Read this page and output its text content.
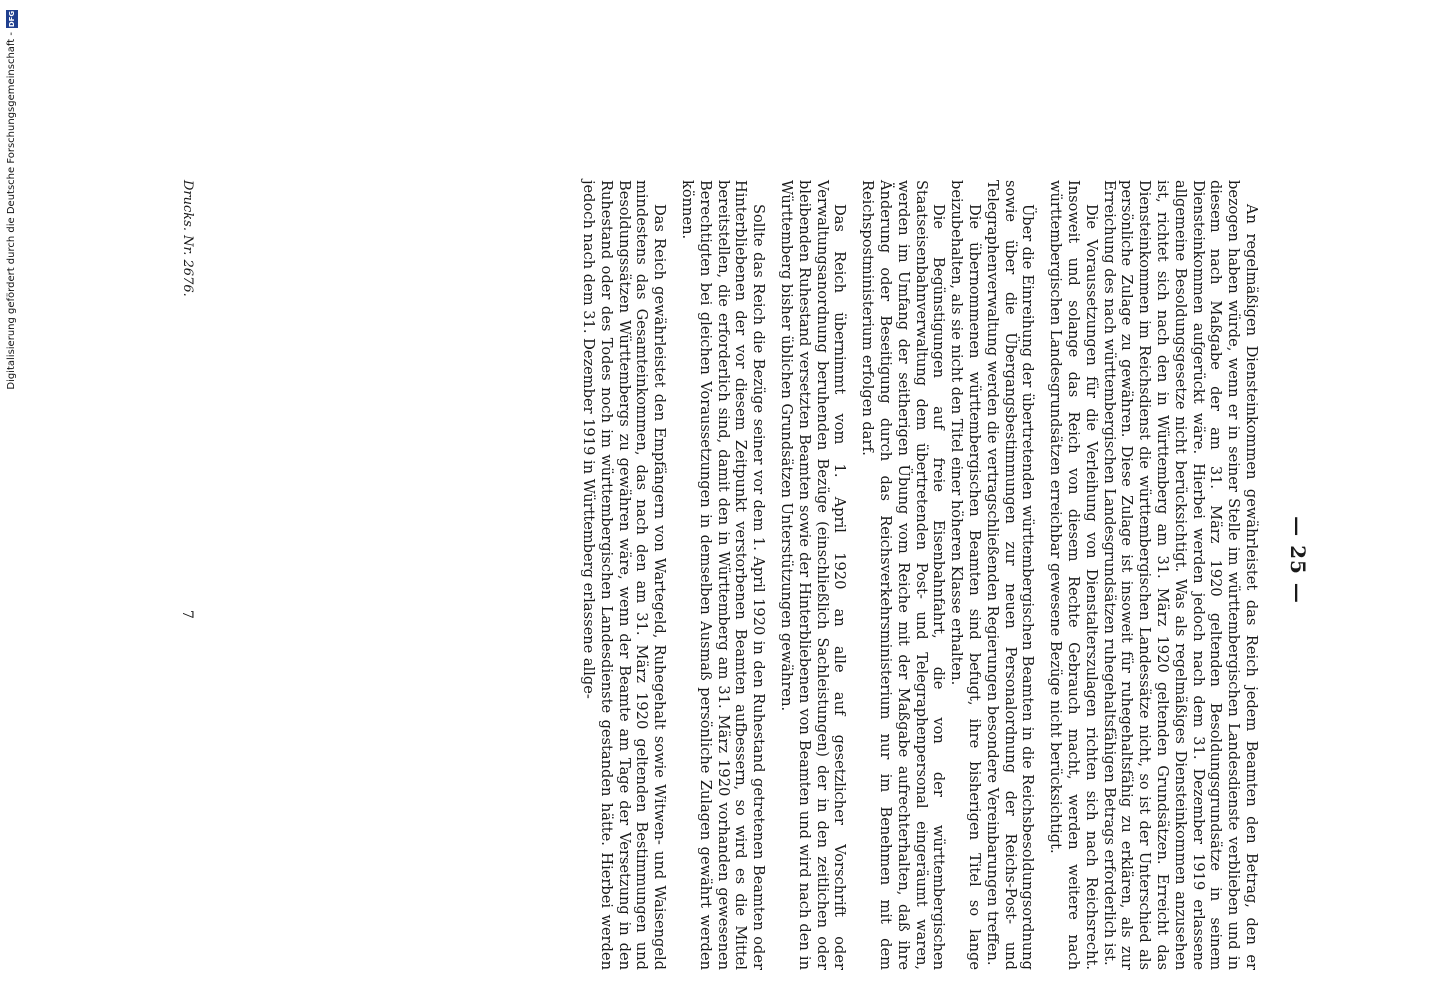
Digitalisierung gefördert durch die Deutsche Forschungsgemeinschaft -
DFG
— 25 —

An regelmäßigen Diensteinkommen gewährleistet das Reich jedem Beamten den Betrag, den er bezogen haben würde, wenn er in seiner Stelle im württembergischen Landesdienste verblieben und in diesem nach Maßgabe der am 31. März 1920 geltenden Besoldungsgrundsätze in seinem Diensteinkommen aufgerückt wäre. Hierbei werden jedoch nach dem 31. Dezember 1919 erlassene allgemeine Besoldungsgesetze nicht berücksichtigt. Was als regelmäßiges Diensteinkommen anzusehen ist, richtet sich nach den in Württemberg am 31. März 1920 geltenden Grundsätzen. Erreicht das Diensteinkommen im Reichsdienst die württembergischen Landessätze nicht, so ist der Unterschied als persönliche Zulage zu gewähren. Diese Zulage ist insoweit für ruhegehaltsfähig zu erklären, als zur Erreichung des nach württembergischen Landesgrundsätzen ruhegehaltsfähigen Betrags erforderlich ist.

Die Voraussetzungen für die Verleihung von Dienstalterszulagen richten sich nach Reichsrecht. Insoweit und solange das Reich von diesem Rechte Gebrauch macht, werden weitere nach württembergischen Landesgrundsätzen erreichbar gewesene Bezüge nicht berücksichtigt.

Über die Einreihung der übertretenden württembergischen Beamten in die Reichsbesoldungsordnung sowie über die Übergangsbestimmungen zur neuen Personalordnung der Reichs-Post- und Telegraphenverwaltung werden die vertragschließenden Regierungen besondere Vereinbarungen treffen.

Die übernommenen württembergischen Beamten sind befugt, ihre bisherigen Titel so lange beizubehalten, als sie nicht den Titel einer höheren Klasse erhalten.

Die Begünstigungen auf freie Eisenbahnfahrt, die von der württembergischen Staatseisenbahnverwaltung dem übertretenden Post- und Telegraphenpersonal eingeräumt waren, werden im Umfang der seitherigen Übung vom Reiche mit der Maßgabe aufrechterhalten, daß ihre Änderung oder Beseitigung durch das Reichsverkehrsministerium nur im Benehmen mit dem Reichspostministerium erfolgen darf.

Das Reich übernimmt vom 1. April 1920 an alle auf gesetzlicher Vorschrift oder Verwaltungsanordnung beruhenden Bezüge (einschließlich Sachleistungen) der in den zeitlichen oder bleibenden Ruhestand versetzten Beamten sowie der Hinterbliebenen von Beamten und wird nach den in Württemberg bisher üblichen Grundsätzen Unterstützungen gewähren.

Sollte das Reich die Bezüge seiner vor dem 1. April 1920 in den Ruhestand getretenen Beamten oder Hinterbliebenen der vor diesem Zeitpunkt verstorbenen Beamten aufbessern, so wird es die Mittel bereitstellen, die erforderlich sind, damit den in Württemberg am 31. März 1920 vorhanden gewesenen Berechtigten bei gleichen Voraussetzungen in demselben Ausmaß persönliche Zulagen gewährt werden können.

Das Reich gewährleistet den Empfängern von Wartegeld, Ruhegehalt sowie Witwen- und Waisengeld mindestens das Gesamteinkommen, das nach den am 31. März 1920 geltenden Bestimmungen und Besoldungssätzen Württembergs zu gewähren wäre, wenn der Beamte am Tage der Versetzung in den Ruhestand oder des Todes noch im württembergischen Landesdienste gestanden hätte. Hierbei werden jedoch nach dem 31. Dezember 1919 in Württemberg erlassene allge-

Drucks. Nr. 2676.
7
